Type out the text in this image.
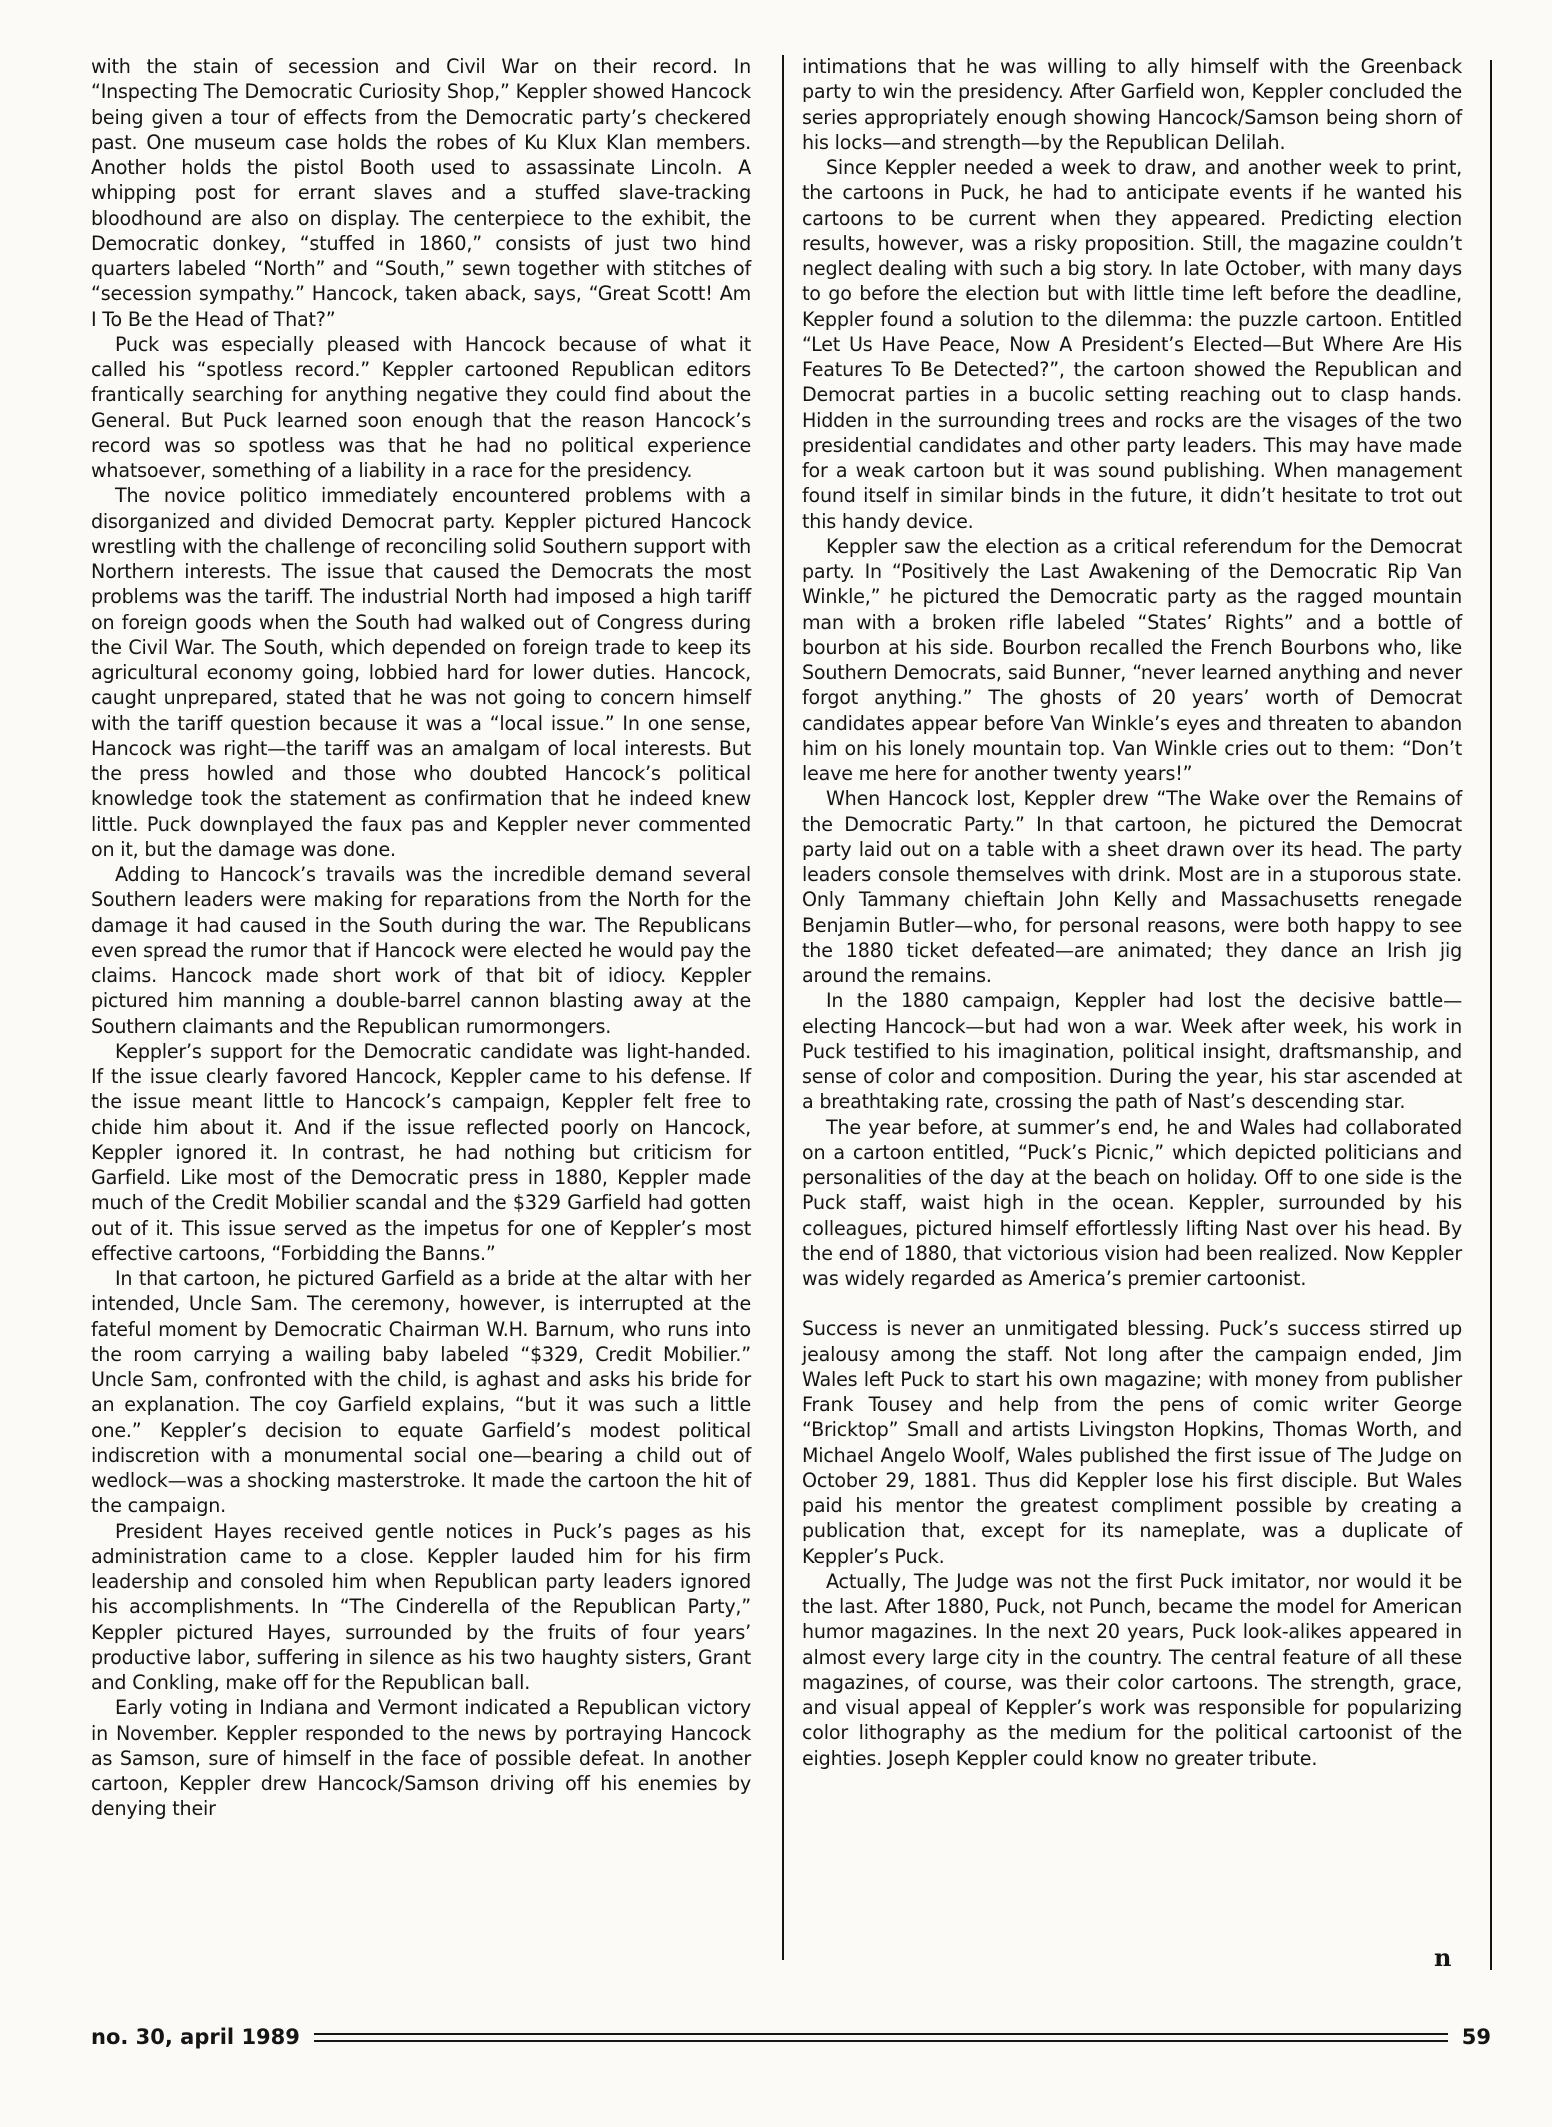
with the stain of secession and Civil War on their record. In “Inspecting The Democratic Curiosity Shop,” Keppler showed Hancock being given a tour of effects from the Democratic party’s checkered past. One museum case holds the robes of Ku Klux Klan members. Another holds the pistol Booth used to assassinate Lincoln. A whipping post for errant slaves and a stuffed slave-tracking bloodhound are also on display. The centerpiece to the exhibit, the Democratic donkey, “stuffed in 1860,” consists of just two hind quarters labeled “North” and “South,” sewn together with stitches of “secession sympathy.” Hancock, taken aback, says, “Great Scott! Am I To Be the Head of That?”

Puck was especially pleased with Hancock because of what it called his “spotless record.” Keppler cartooned Republican editors frantically searching for anything negative they could find about the General. But Puck learned soon enough that the reason Hancock’s record was so spotless was that he had no political experience whatsoever, something of a liability in a race for the presidency.

The novice politico immediately encountered problems with a disorganized and divided Democrat party. Keppler pictured Hancock wrestling with the challenge of reconciling solid Southern support with Northern interests. The issue that caused the Democrats the most problems was the tariff. The industrial North had imposed a high tariff on foreign goods when the South had walked out of Congress during the Civil War. The South, which depended on foreign trade to keep its agricultural economy going, lobbied hard for lower duties. Hancock, caught unprepared, stated that he was not going to concern himself with the tariff question because it was a “local issue.” In one sense, Hancock was right—the tariff was an amalgam of local interests. But the press howled and those who doubted Hancock’s political knowledge took the statement as confirmation that he indeed knew little. Puck downplayed the faux pas and Keppler never commented on it, but the damage was done.

Adding to Hancock’s travails was the incredible demand several Southern leaders were making for reparations from the North for the damage it had caused in the South during the war. The Republicans even spread the rumor that if Hancock were elected he would pay the claims. Hancock made short work of that bit of idiocy. Keppler pictured him manning a double-barrel cannon blasting away at the Southern claimants and the Republican rumormongers.

Keppler’s support for the Democratic candidate was light-handed. If the issue clearly favored Hancock, Keppler came to his defense. If the issue meant little to Hancock’s campaign, Keppler felt free to chide him about it. And if the issue reflected poorly on Hancock, Keppler ignored it. In contrast, he had nothing but criticism for Garfield. Like most of the Democratic press in 1880, Keppler made much of the Credit Mobilier scandal and the $329 Garfield had gotten out of it. This issue served as the impetus for one of Keppler’s most effective cartoons, “Forbidding the Banns.”

In that cartoon, he pictured Garfield as a bride at the altar with her intended, Uncle Sam. The ceremony, however, is interrupted at the fateful moment by Democratic Chairman W.H. Barnum, who runs into the room carrying a wailing baby labeled “$329, Credit Mobilier.” Uncle Sam, confronted with the child, is aghast and asks his bride for an explanation. The coy Garfield explains, “but it was such a little one.” Keppler’s decision to equate Garfield’s modest political indiscretion with a monumental social one—bearing a child out of wedlock—was a shocking masterstroke. It made the cartoon the hit of the campaign.

President Hayes received gentle notices in Puck’s pages as his administration came to a close. Keppler lauded him for his firm leadership and consoled him when Republican party leaders ignored his accomplishments. In “The Cinderella of the Republican Party,” Keppler pictured Hayes, surrounded by the fruits of four years’ productive labor, suffering in silence as his two haughty sisters, Grant and Conkling, make off for the Republican ball.

Early voting in Indiana and Vermont indicated a Republican victory in November. Keppler responded to the news by portraying Hancock as Samson, sure of himself in the face of possible defeat. In another cartoon, Keppler drew Hancock/Samson driving off his enemies by denying their

intimations that he was willing to ally himself with the Greenback party to win the presidency. After Garfield won, Keppler concluded the series appropriately enough showing Hancock/Samson being shorn of his locks—and strength—by the Republican Delilah.

Since Keppler needed a week to draw, and another week to print, the cartoons in Puck, he had to anticipate events if he wanted his cartoons to be current when they appeared. Predicting election results, however, was a risky proposition. Still, the magazine couldn’t neglect dealing with such a big story. In late October, with many days to go before the election but with little time left before the deadline, Keppler found a solution to the dilemma: the puzzle cartoon. Entitled “Let Us Have Peace, Now A President’s Elected—But Where Are His Features To Be Detected?”, the cartoon showed the Republican and Democrat parties in a bucolic setting reaching out to clasp hands. Hidden in the surrounding trees and rocks are the visages of the two presidential candidates and other party leaders. This may have made for a weak cartoon but it was sound publishing. When management found itself in similar binds in the future, it didn’t hesitate to trot out this handy device.

Keppler saw the election as a critical referendum for the Democrat party. In “Positively the Last Awakening of the Democratic Rip Van Winkle,” he pictured the Democratic party as the ragged mountain man with a broken rifle labeled “States’ Rights” and a bottle of bourbon at his side. Bourbon recalled the French Bourbons who, like Southern Democrats, said Bunner, “never learned anything and never forgot anything.” The ghosts of 20 years’ worth of Democrat candidates appear before Van Winkle’s eyes and threaten to abandon him on his lonely mountain top. Van Winkle cries out to them: “Don’t leave me here for another twenty years!”

When Hancock lost, Keppler drew “The Wake over the Remains of the Democratic Party.” In that cartoon, he pictured the Democrat party laid out on a table with a sheet drawn over its head. The party leaders console themselves with drink. Most are in a stuporous state. Only Tammany chieftain John Kelly and Massachusetts renegade Benjamin Butler—who, for personal reasons, were both happy to see the 1880 ticket defeated—are animated; they dance an Irish jig around the remains.

In the 1880 campaign, Keppler had lost the decisive battle—electing Hancock—but had won a war. Week after week, his work in Puck testified to his imagination, political insight, draftsmanship, and sense of color and composition. During the year, his star ascended at a breathtaking rate, crossing the path of Nast’s descending star.

The year before, at summer’s end, he and Wales had collaborated on a cartoon entitled, “Puck’s Picnic,” which depicted politicians and personalities of the day at the beach on holiday. Off to one side is the Puck staff, waist high in the ocean. Keppler, surrounded by his colleagues, pictured himself effortlessly lifting Nast over his head. By the end of 1880, that victorious vision had been realized. Now Keppler was widely regarded as America’s premier cartoonist.

Success is never an unmitigated blessing. Puck’s success stirred up jealousy among the staff. Not long after the campaign ended, Jim Wales left Puck to start his own magazine; with money from publisher Frank Tousey and help from the pens of comic writer George “Bricktop” Small and artists Livingston Hopkins, Thomas Worth, and Michael Angelo Woolf, Wales published the first issue of The Judge on October 29, 1881. Thus did Keppler lose his first disciple. But Wales paid his mentor the greatest compliment possible by creating a publication that, except for its nameplate, was a duplicate of Keppler’s Puck.

Actually, The Judge was not the first Puck imitator, nor would it be the last. After 1880, Puck, not Punch, became the model for American humor magazines. In the next 20 years, Puck look-alikes appeared in almost every large city in the country. The central feature of all these magazines, of course, was their color cartoons. The strength, grace, and visual appeal of Keppler’s work was responsible for popularizing color lithography as the medium for the political cartoonist of the eighties. Joseph Keppler could know no greater tribute.

n
no. 30, april 1989	59
